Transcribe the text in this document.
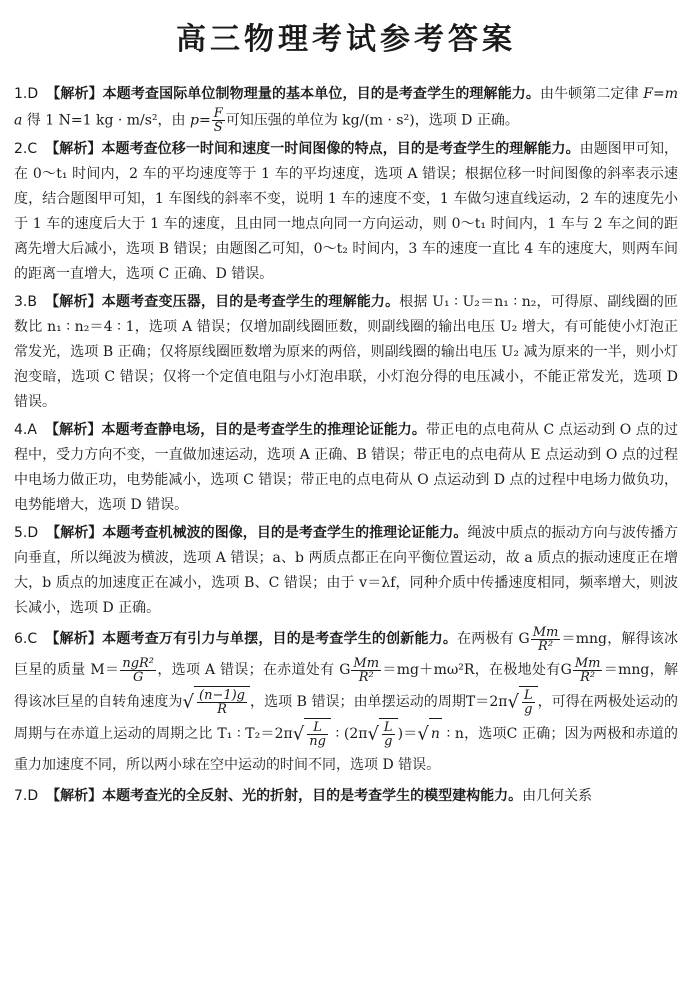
高三物理考试参考答案

1.D 【解析】本题考查国际单位制物理量的基本单位，目的是考查学生的理解能力。由牛顿第二定律 F=ma 得 1 N=1 kg · m/s²，由 $p= \frac{F}{S}$ 可知压强的单位为 kg/(m · s²)，选项 D 正确。

2.C 【解析】本题考查位移一时间和速度一时间图像的特点，目的是考查学生的理解能力。由题图甲可知，在 0～t₁ 时间内，2 车的平均速度等于 1 车的平均速度，选项 A 错误；根据位移一时间图像的斜率表示速度，结合题图甲可知，1 车图线的斜率不变，说明 1 车的速度不变，1 车做匀速直线运动，2 车的速度先小于 1 车的速度后大于 1 车的速度，且由同一地点向同一方向运动，则 0～t₁ 时间内，1 车与 2 车之间的距离先增大后减小，选项 B 错误；由题图乙可知，0～t₂ 时间内，3 车的速度一直比 4 车的速度大，则两车间的距离一直增大，选项 C 正确、D 错误。

3.B 【解析】本题考查变压器，目的是考查学生的理解能力。根据 U₁ ∶ U₂＝n₁ ∶ n₂，可得原、副线圈的匝数比 n₁ ∶ n₂＝4 ∶ 1，选项 A 错误；仅增加副线圈匝数，则副线圈的输出电压 U₂ 增大，有可能使小灯泡正常发光，选项 B 正确；仅将原线圈匝数增为原来的两倍，则副线圈的输出电压 U₂ 减为原来的一半，则小灯泡变暗，选项 C 错误；仅将一个定值电阻与小灯泡串联，小灯泡分得的电压减小，不能正常发光，选项 D 错误。

4.A 【解析】本题考查静电场，目的是考查学生的推理论证能力。带正电的点电荷从 C 点运动到 O 点的过程中，受力方向不变，一直做加速运动，选项 A 正确、B 错误；带正电的点电荷从 E 点运动到 O 点的过程中电场力做正功，电势能减小，选项 C 错误；带正电的点电荷从 O 点运动到 D 点的过程中电场力做负功，电势能增大，选项 D 错误。

5.D 【解析】本题考查机械波的图像，目的是考查学生的推理论证能力。绳波中质点的振动方向与波传播方向垂直，所以绳波为横波，选项 A 错误；a、b 两质点都正在向平衡位置运动，故 a 质点的振动速度正在增大，b 质点的加速度正在减小，选项 B、C 错误；由于 v＝λf，同种介质中传播速度相同，频率增大，则波长减小，选项 D 正确。

6.C 【解析】本题考查万有引力与单摆，目的是考查学生的创新能力。在两极有 G $\frac{Mm}{\text{R²}} =mng$，解得该冰巨星的质量 $M= \frac{\text{ngR²}}{G}$ ，选项 A 错误；在赤道处有 G $\frac{Mm}{\text{R²}} =mg+m\omega^2R$，在极地处有G $\frac{Mm}{\text{R²}} =mng$，解得该冰巨星的自转角速度为√ $\frac{(n-1)g}{R}$ ，选项 B 错误；由单摆运动的周期$T=2\pi√ \frac{L}{g}$ ，可得在两极处运动的周期与在赤道上运动的周期之比 T₁ ∶ $T_2=2\pi√ \frac{L}{ng}$ ∶ ($2\pi√ \frac{L}{g}$ )＝√ n ∶ n，选项C 正确；因为两极和赤道的重力加速度不同，所以两小球在空中运动的时间不同，选项 D 错误。

7.D 【解析】本题考查光的全反射、光的折射，目的是考查学生的模型建构能力。由几何关系
